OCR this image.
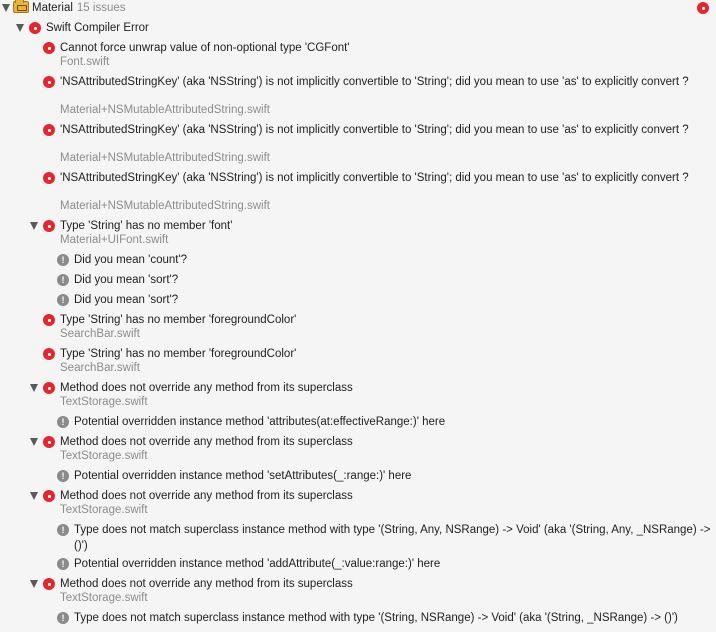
Material 15 issues
Swift Compiler Error
Cannot force unwrap value of non-optional type 'CGFont'
Font.swift
'NSAttributedStringKey' (aka 'NSString') is not implicitly convertible to 'String'; did you mean to use 'as' to explicitly convert ?
Material+NSMutableAttributedString.swift
'NSAttributedStringKey' (aka 'NSString') is not implicitly convertible to 'String'; did you mean to use 'as' to explicitly convert ?
Material+NSMutableAttributedString.swift
'NSAttributedStringKey' (aka 'NSString') is not implicitly convertible to 'String'; did you mean to use 'as' to explicitly convert ?
Material+NSMutableAttributedString.swift
Type 'String' has no member 'font'
Material+UIFont.swift
! Did you mean 'count'?
! Did you mean 'sort'?
! Did you mean 'sort'?
Type 'String' has no member 'foregroundColor'
SearchBar.swift
Type 'String' has no member 'foregroundColor'
SearchBar.swift
Method does not override any method from its superclass
TextStorage.swift
! Potential overridden instance method 'attributes(at:effectiveRange:)' here
Method does not override any method from its superclass
TextStorage.swift
! Potential overridden instance method 'setAttributes(_:range:)' here
Method does not override any method from its superclass
TextStorage.swift
! Type does not match superclass instance method with type '(String, Any, NSRange) -> Void' (aka '(String, Any, _NSRange) -> ()')
! Potential overridden instance method 'addAttribute(_:value:range:)' here
Method does not override any method from its superclass
TextStorage.swift
! Type does not match superclass instance method with type '(String, NSRange) -> Void' (aka '(String, _NSRange) -> ()')
